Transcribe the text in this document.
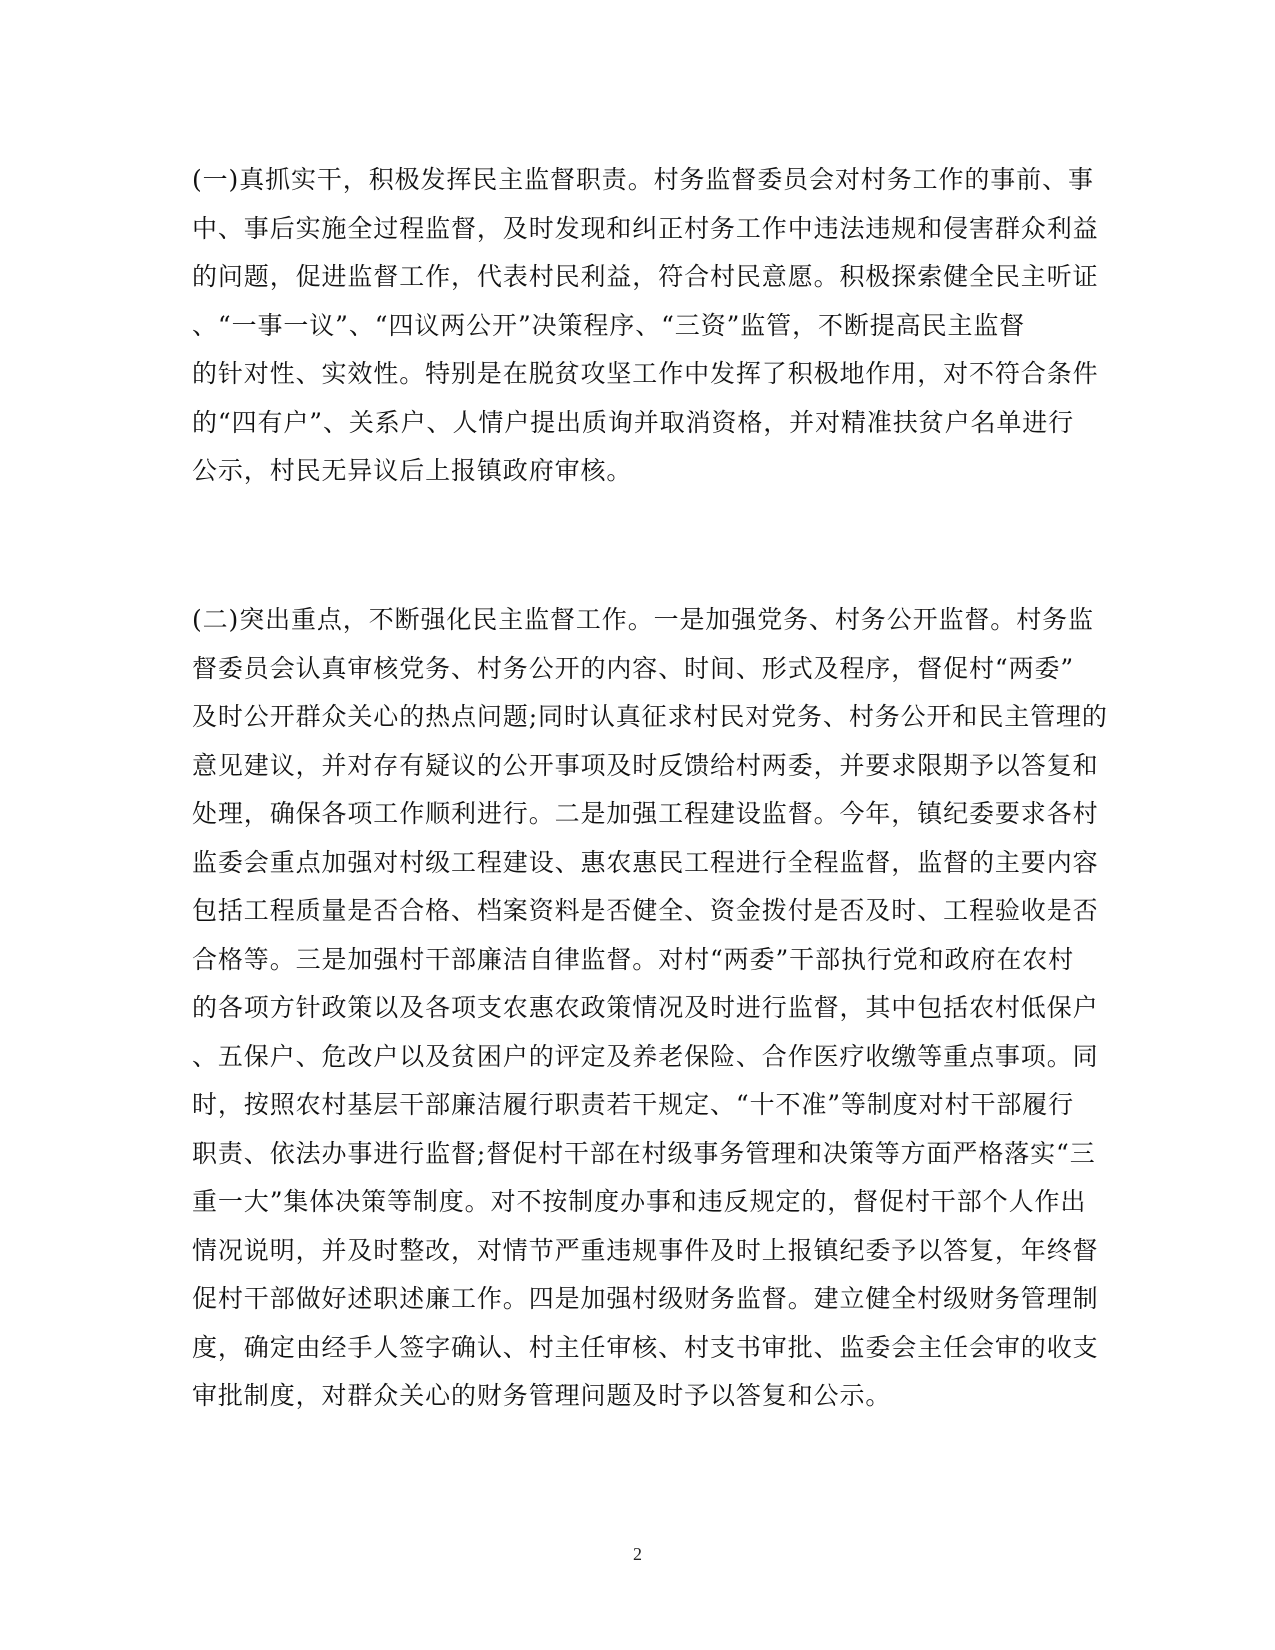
(一)真抓实干，积极发挥民主监督职责。村务监督委员会对村务工作的事前、事
中、事后实施全过程监督，及时发现和纠正村务工作中违法违规和侵害群众利益
的问题，促进监督工作，代表村民利益，符合村民意愿。积极探索健全民主听证
、“一事一议”、“四议两公开”决策程序、“三资”监管，不断提高民主监督
的针对性、实效性。特别是在脱贫攻坚工作中发挥了积极地作用，对不符合条件
的“四有户”、关系户、人情户提出质询并取消资格，并对精准扶贫户名单进行
公示，村民无异议后上报镇政府审核。

(二)突出重点，不断强化民主监督工作。一是加强党务、村务公开监督。村务监
督委员会认真审核党务、村务公开的内容、时间、形式及程序，督促村“两委”
及时公开群众关心的热点问题;同时认真征求村民对党务、村务公开和民主管理的
意见建议，并对存有疑议的公开事项及时反馈给村两委，并要求限期予以答复和
处理，确保各项工作顺利进行。二是加强工程建设监督。今年，镇纪委要求各村
监委会重点加强对村级工程建设、惠农惠民工程进行全程监督，监督的主要内容
包括工程质量是否合格、档案资料是否健全、资金拨付是否及时、工程验收是否
合格等。三是加强村干部廉洁自律监督。对村“两委”干部执行党和政府在农村
的各项方针政策以及各项支农惠农政策情况及时进行监督，其中包括农村低保户
、五保户、危改户以及贫困户的评定及养老保险、合作医疗收缴等重点事项。同
时，按照农村基层干部廉洁履行职责若干规定、“十不准”等制度对村干部履行
职责、依法办事进行监督;督促村干部在村级事务管理和决策等方面严格落实“三
重一大”集体决策等制度。对不按制度办事和违反规定的，督促村干部个人作出
情况说明，并及时整改，对情节严重违规事件及时上报镇纪委予以答复，年终督
促村干部做好述职述廉工作。四是加强村级财务监督。建立健全村级财务管理制
度，确定由经手人签字确认、村主任审核、村支书审批、监委会主任会审的收支
审批制度，对群众关心的财务管理问题及时予以答复和公示。

2
